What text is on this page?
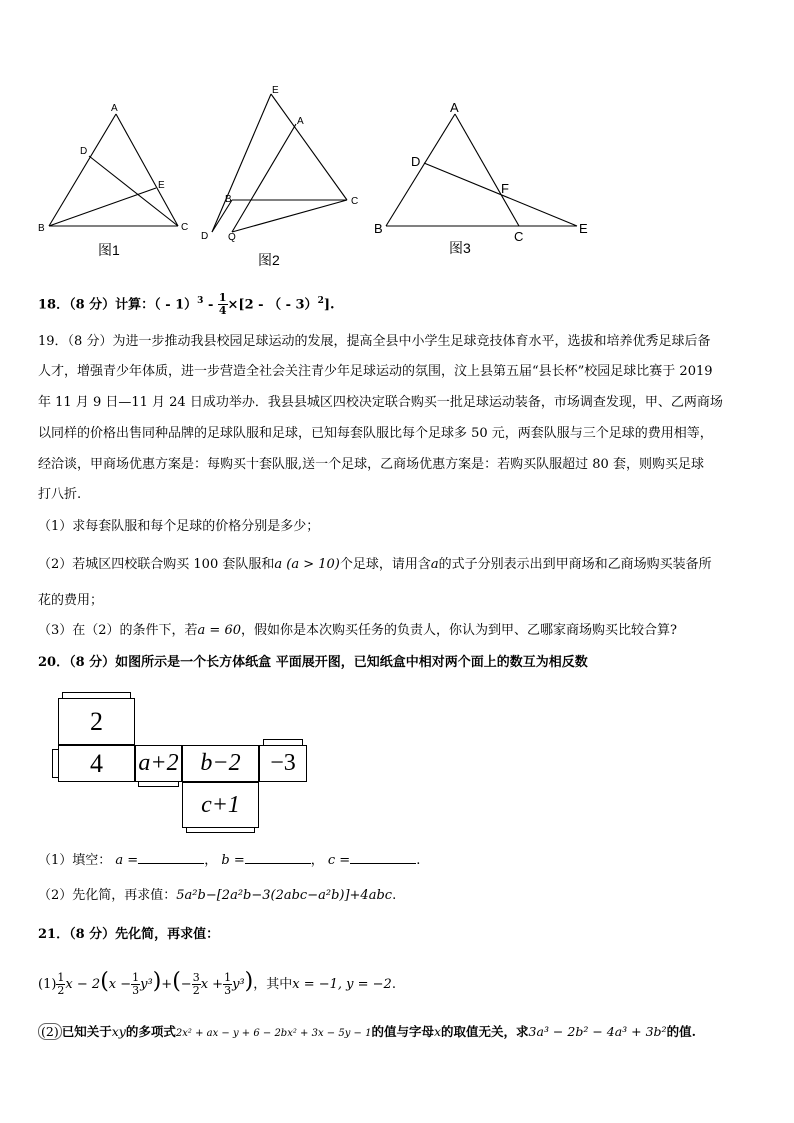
A
D
E
B	C
图1
E
A
B	C
D Q
图2
A
D
F
B
C
E
图3
18．（8 分）计算：（ - $1)^3 - \frac{1}{4} \times[2$ - （ - 3）$^2$].
19．（8 分）为进一步推动我县校园足球运动的发展，提高全县中小学生足球竞技体育水平，选拔和培养优秀足球后备
人才，增强青少年体质，进一步营造全社会关注青少年足球运动的氛围，汶上县第五届“县长杯”校园足球比赛于 2019
年 11 月 9 日—11 月 24 日成功举办．我县县城区四校决定联合购买一批足球运动装备，市场调查发现，甲、乙两商场
以同样的价格出售同种品牌的足球队服和足球，已知每套队服比每个足球多 50 元，两套队服与三个足球的费用相等，
经洽谈，甲商场优惠方案是：每购买十套队服,送一个足球，乙商场优惠方案是：若购买队服超过 80 套，则购买足球
打八折.
（1）求每套队服和每个足球的价格分别是多少；
（2）若城区四校联合购买 100 套队服和a (a > 10)个足球，请用含a的式子分别表示出到甲商场和乙商场购买装备所
花的费用；
（3）在（2）的条件下，若a = 60，假如你是本次购买任务的负责人，你认为到甲、乙哪家商场购买比较合算?
20．（8 分）如图所示是一个长方体纸盒 平面展开图，已知纸盒中相对两个面上的数互为相反数
2
4	a+2 b−2	−3
c+1
（1）填空： a =	， b =	， c =	.
（2）先化简，再求值：5a²b−[2a²b−3(2abc−a²b)]+4abc.
21．（8 分）先化简，再求值：
$(1) \frac{1}{2}$ $x - 2(x - \frac{1}{3} y^3)+(- \frac{3}{2}$ $x + \frac{1}{3} y^3$)，其中x = −1, y = −2.
(2) 已知关于xy的多项式2x² + ax − y + 6 − 2bx² + 3x − 5y − 1的值与字母x的取值无关，求3a³ − 2b² − 4a³ + 3b²的值.
